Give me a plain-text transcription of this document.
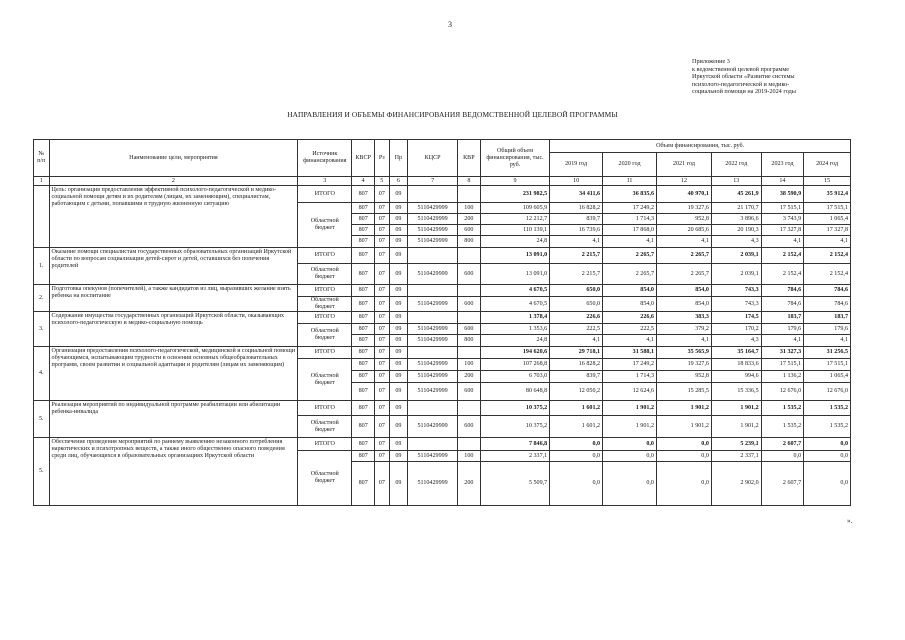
3
Приложение 3
к ведомственной целевой программе
Иркутской области «Развитие системы
психолого-педагогической и медико-
социальной помощи на 2019-2024 годы
НАПРАВЛЕНИЯ И ОБЪЕМЫ ФИНАНСИРОВАНИЯ ВЕДОМСТВЕННОЙ ЦЕЛЕВОЙ ПРОГРАММЫ
№ п/п	Наименование цели, мероприятия	Источник финансирования	КВСР	Рз	Пр	КЦСР	КВР	Общий объем финансирования, тыс. руб.	Объем финансирования, тыс. руб.					
									2019 год	2020 год	2021 год	2022 год	2023 год	2024 год
1	2	3	4	5	6	7	8	9	10	11	12	13	14	15
	Цель: организация предоставления эффективной психолого-педагогической и медико-социальной помощи детям и их родителям (лицам, их заменяющим), специалистам, работающим с детьми, попавшими в трудную жизненную ситуацию	ИТОГО	807	07	09			231 982,5	34 411,6	36 835,6	40 970,1	45 261,9	38 590,9	35 912,4
		Областной бюджет	807	07	09	5110429999	100	109 605,9	16 828,2	17 249,2	19 327,6	21 170,7	17 515,1	17 515,1
			807	07	09	5110429999	200	12 212,7	839,7	1 714,3	952,8	3 896,6	3 743,9	1 065,4
			807	07	09	5110429999	600	110 139,1	16 739,6	17 868,0	20 685,6	20 190,3	17 327,8	17 327,8
			807	07	09	5110429999	800	24,8	4,1	4,1	4,1	4,3	4,1	4,1
1.	Оказание помощи специалистам государственных образовательных организаций Иркутской области по вопросам социализации детей-сирот и детей, оставшихся без попечения родителей	ИТОГО	807	07	09			13 091,0	2 215,7	2 265,7	2 265,7	2 039,1	2 152,4	2 152,4
		Областной бюджет	807	07	09	5110429999	600	13 091,0	2 215,7	2 265,7	2 265,7	2 039,1	2 152,4	2 152,4
2.	Подготовка опекунов (попечителей), а также кандидатов из лиц, выразивших желание взять ребенка на воспитание	ИТОГО	807	07	09			4 670,5	650,0	854,0	854,0	743,3	784,6	784,6
		Областной бюджет	807	07	09	5110429999	600	4 670,5	650,0	854,0	854,0	743,3	784,6	784,6
3.	Содержание имущества государственных организаций Иркутской области, оказывающих психолого-педагогическую и медико-социальную помощь	ИТОГО	807	07	09			1 378,4	226,6	226,6	383,3	174,5	183,7	183,7
		Областной бюджет	807	07	09	5110429999	600	1 353,6	222,5	222,5	379,2	170,2	179,6	179,6
			807	07	09	5110429999	800	24,8	4,1	4,1	4,1	4,3	4,1	4,1
4.	Организация предоставления психолого-педагогической, медицинской и социальной помощи обучающимся, испытывающим трудности в освоении основных общеобразовательных программ, своем развитии и социальной адаптации и родителям (лицам их заменяющим)	ИТОГО	807	07	09			194 620,6	29 718,1	31 588,1	35 565,9	35 164,7	31 327,3	31 256,5
		Областной бюджет	807	07	09	5110429999	100	107 268,8	16 828,2	17 249,2	19 327,6	18 833,6	17 515,1	17 515,1
			807	07	09	5110429999	200	6 703,0	839,7	1 714,3	952,8	994,6	1 136,2	1 065,4
			807	07	09	5110429999	600	80 648,8	12 050,2	12 624,6	15 285,5	15 336,5	12 676,0	12 676,0
5.	Реализация мероприятий по индивидуальной программе реабилитации или абилитации ребенка-инвалида	ИТОГО	807	07	09			10 375,2	1 601,2	1 901,2	1 901,2	1 901,2	1 535,2	1 535,2
		Областной бюджет	807	07	09	5110429999	600	10 375,2	1 601,2	1 901,2	1 901,2	1 901,2	1 535,2	1 535,2
5.	Обеспечение проведения мероприятий по раннему выявлению незаконного потребления наркотических и психотропных веществ, а также иного общественно опасного поведения среди лиц, обучающихся в образовательных организациях Иркутской области	ИТОГО	807	07	09			7 846,8	0,0	0,0	0,0	5 239,1	2 607,7	0,0
		Областной бюджет	807	07	09	5110429999	100	2 337,1	0,0	0,0	0,0	2 337,1	0,0	0,0
			807	07	09	5110429999	200	5 509,7	0,0	0,0	0,0	2 902,0	2 607,7	0,0
».
